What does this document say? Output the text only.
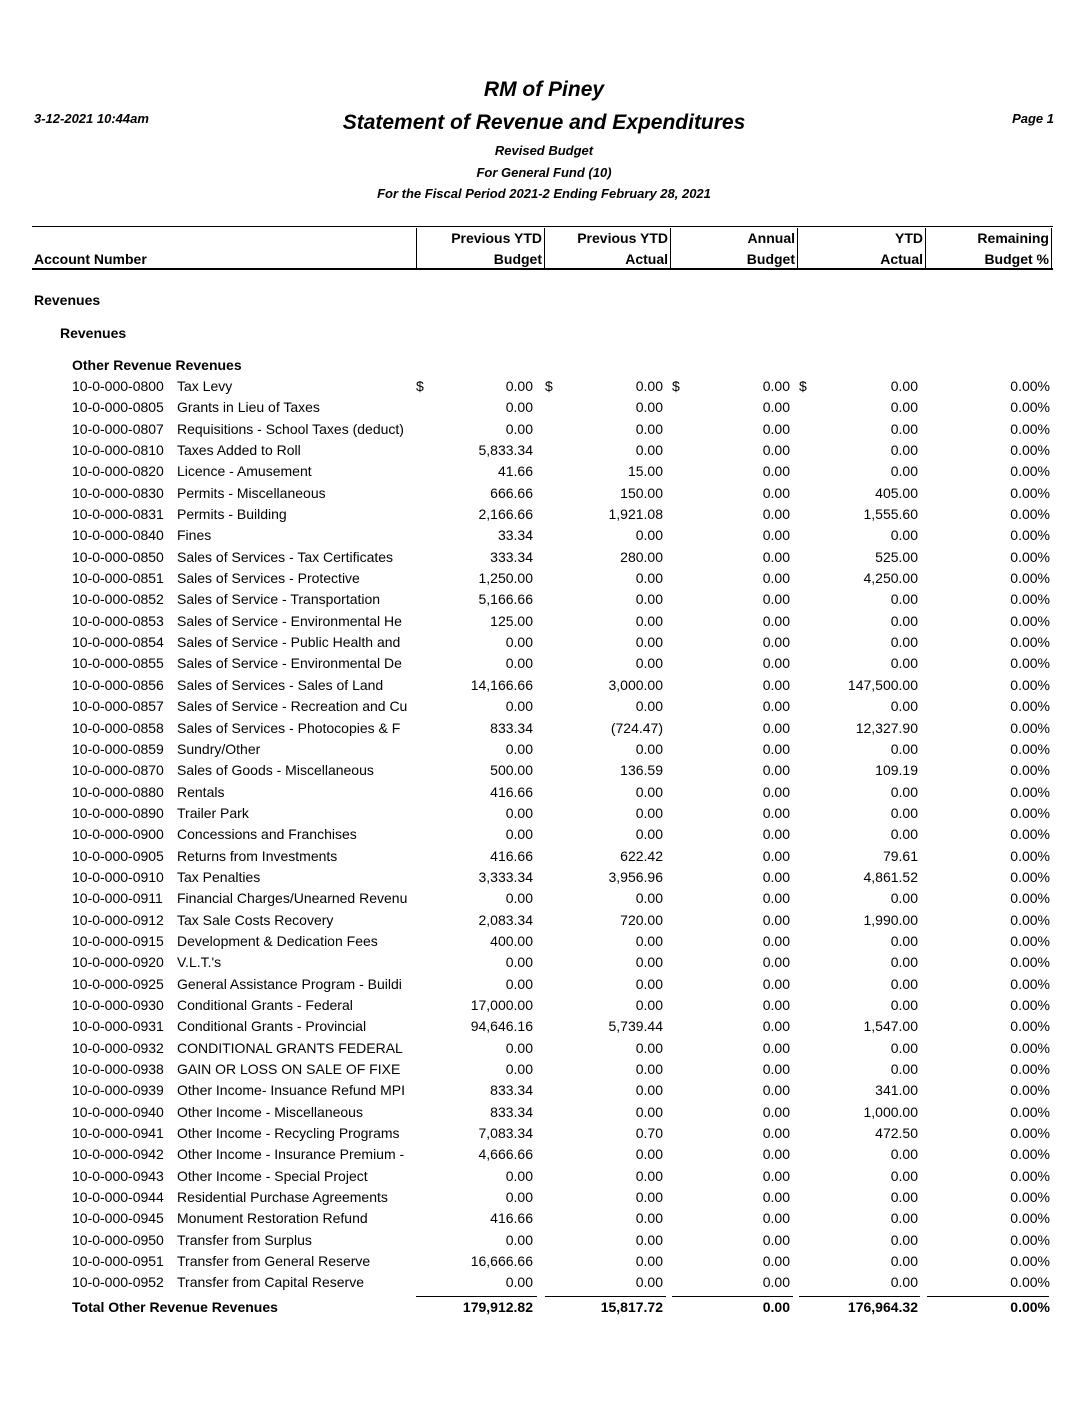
3-12-2021 10:44am	Page 1
RM of Piney
Statement of Revenue and Expenditures
Revised Budget
For General Fund (10)
For the Fiscal Period 2021-2 Ending February 28, 2021
Account Number
Previous YTD
Budget
Previous YTD
Actual
Annual
Budget
YTD
Actual
Remaining
Budget %
Revenues
Revenues
Other Revenue Revenues
10-0-000-0800 Tax Levy	0.00	0.00	0.00	0.00	0.00%
$	$	$	$
10-0-000-0805 Grants in Lieu of Taxes	0.00	0.00	0.00	0.00	0.00%
10-0-000-0807 Requisitions - School Taxes (deduct)	0.00	0.00	0.00	0.00	0.00%
10-0-000-0810 Taxes Added to Roll	5,833.34	0.00	0.00	0.00	0.00%
10-0-000-0820 Licence - Amusement	41.66	15.00	0.00	0.00	0.00%
10-0-000-0830 Permits - Miscellaneous	666.66	150.00	0.00	405.00	0.00%
10-0-000-0831 Permits - Building	2,166.66	1,921.08	0.00	1,555.60	0.00%
10-0-000-0840 Fines	33.34	0.00	0.00	0.00	0.00%
10-0-000-0850 Sales of Services - Tax Certificates	333.34	280.00	0.00	525.00	0.00%
10-0-000-0851 Sales of Services - Protective	1,250.00	0.00	0.00	4,250.00	0.00%
10-0-000-0852 Sales of Service - Transportation	5,166.66	0.00	0.00	0.00	0.00%
10-0-000-0853 Sales of Service - Environmental He	125.00	0.00	0.00	0.00	0.00%
10-0-000-0854 Sales of Service - Public Health and	0.00	0.00	0.00	0.00	0.00%
10-0-000-0855 Sales of Service - Environmental De	0.00	0.00	0.00	0.00	0.00%
10-0-000-0856 Sales of Services - Sales of Land	14,166.66	3,000.00	0.00	147,500.00	0.00%
10-0-000-0857 Sales of Service - Recreation and Cu	0.00	0.00	0.00	0.00	0.00%
10-0-000-0858 Sales of Services - Photocopies & F	833.34	(724.47)	0.00	12,327.90	0.00%
10-0-000-0859 Sundry/Other	0.00	0.00	0.00	0.00	0.00%
10-0-000-0870 Sales of Goods - Miscellaneous	500.00	136.59	0.00	109.19	0.00%
10-0-000-0880 Rentals	416.66	0.00	0.00	0.00	0.00%
10-0-000-0890 Trailer Park	0.00	0.00	0.00	0.00	0.00%
10-0-000-0900 Concessions and Franchises	0.00	0.00	0.00	0.00	0.00%
10-0-000-0905 Returns from Investments	416.66	622.42	0.00	79.61	0.00%
10-0-000-0910 Tax Penalties	3,333.34	3,956.96	0.00	4,861.52	0.00%
10-0-000-0911 Financial Charges/Unearned Revenu	0.00	0.00	0.00	0.00	0.00%
10-0-000-0912 Tax Sale Costs Recovery	2,083.34	720.00	0.00	1,990.00	0.00%
10-0-000-0915 Development & Dedication Fees	400.00	0.00	0.00	0.00	0.00%
10-0-000-0920 V.L.T.'s	0.00	0.00	0.00	0.00	0.00%
10-0-000-0925 General Assistance Program - Buildi	0.00	0.00	0.00	0.00	0.00%
10-0-000-0930 Conditional Grants - Federal	17,000.00	0.00	0.00	0.00	0.00%
10-0-000-0931 Conditional Grants - Provincial	94,646.16	5,739.44	0.00	1,547.00	0.00%
10-0-000-0932 CONDITIONAL GRANTS FEDERAL	0.00	0.00	0.00	0.00	0.00%
10-0-000-0938 GAIN OR LOSS ON SALE OF FIXE	0.00	0.00	0.00	0.00	0.00%
10-0-000-0939 Other Income- Insuance Refund MPI	833.34	0.00	0.00	341.00	0.00%
10-0-000-0940 Other Income - Miscellaneous	833.34	0.00	0.00	1,000.00	0.00%
10-0-000-0941 Other Income - Recycling Programs	7,083.34	0.70	0.00	472.50	0.00%
10-0-000-0942 Other Income - Insurance Premium -	4,666.66	0.00	0.00	0.00	0.00%
10-0-000-0943 Other Income - Special Project	0.00	0.00	0.00	0.00	0.00%
10-0-000-0944 Residential Purchase Agreements	0.00	0.00	0.00	0.00	0.00%
10-0-000-0945 Monument Restoration Refund	416.66	0.00	0.00	0.00	0.00%
10-0-000-0950 Transfer from Surplus	0.00	0.00	0.00	0.00	0.00%
10-0-000-0951 Transfer from General Reserve	16,666.66	0.00	0.00	0.00	0.00%
10-0-000-0952 Transfer from Capital Reserve	0.00	0.00	0.00	0.00	0.00%
Total Other Revenue Revenues	179,912.82	15,817.72	0.00	176,964.32	0.00%
